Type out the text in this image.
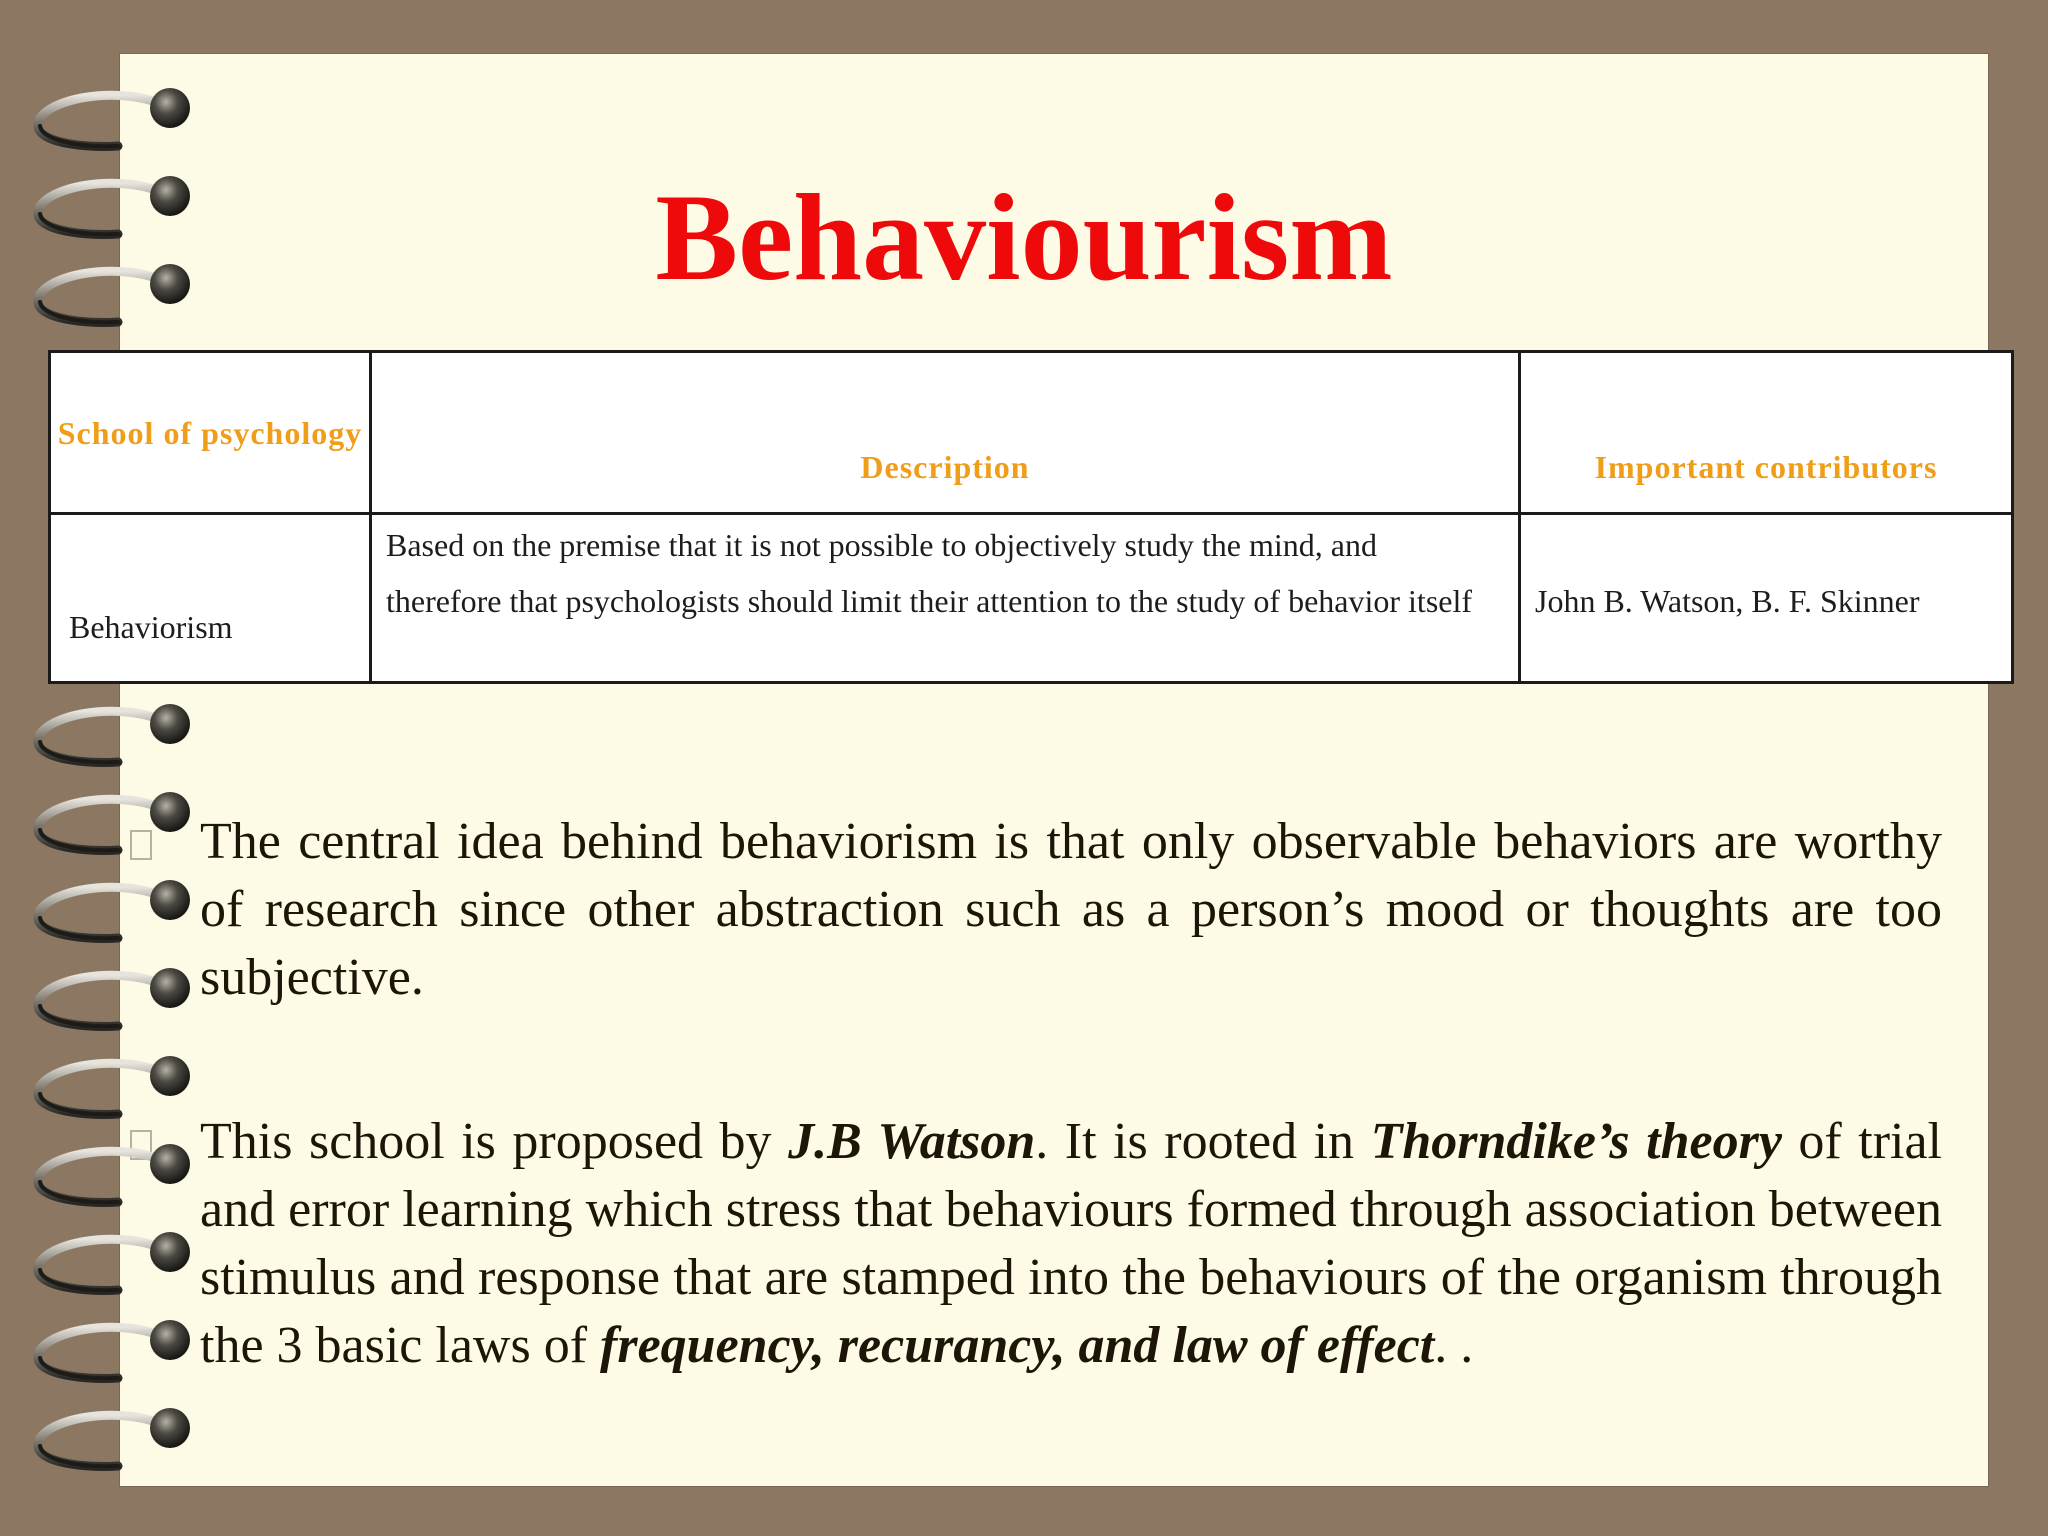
Behaviourism
School of psychology	Description	Important contributors
Behaviorism	Based on the premise that it is not possible to objectively study the mind, and therefore that psychologists should limit their attention to the study of behavior itself	John B. Watson, B. F. Skinner

The central idea behind behaviorism is that only observable behaviors are worthy of research since other abstraction such as a person’s mood or thoughts are too subjective.

This school is proposed by J.B Watson. It is rooted in Thorndike’s theory of trial and error learning which stress that behaviours formed through association between stimulus and response that are stamped into the behaviours of the organism through the 3 basic laws of frequency, recurancy, and law of effect. .
